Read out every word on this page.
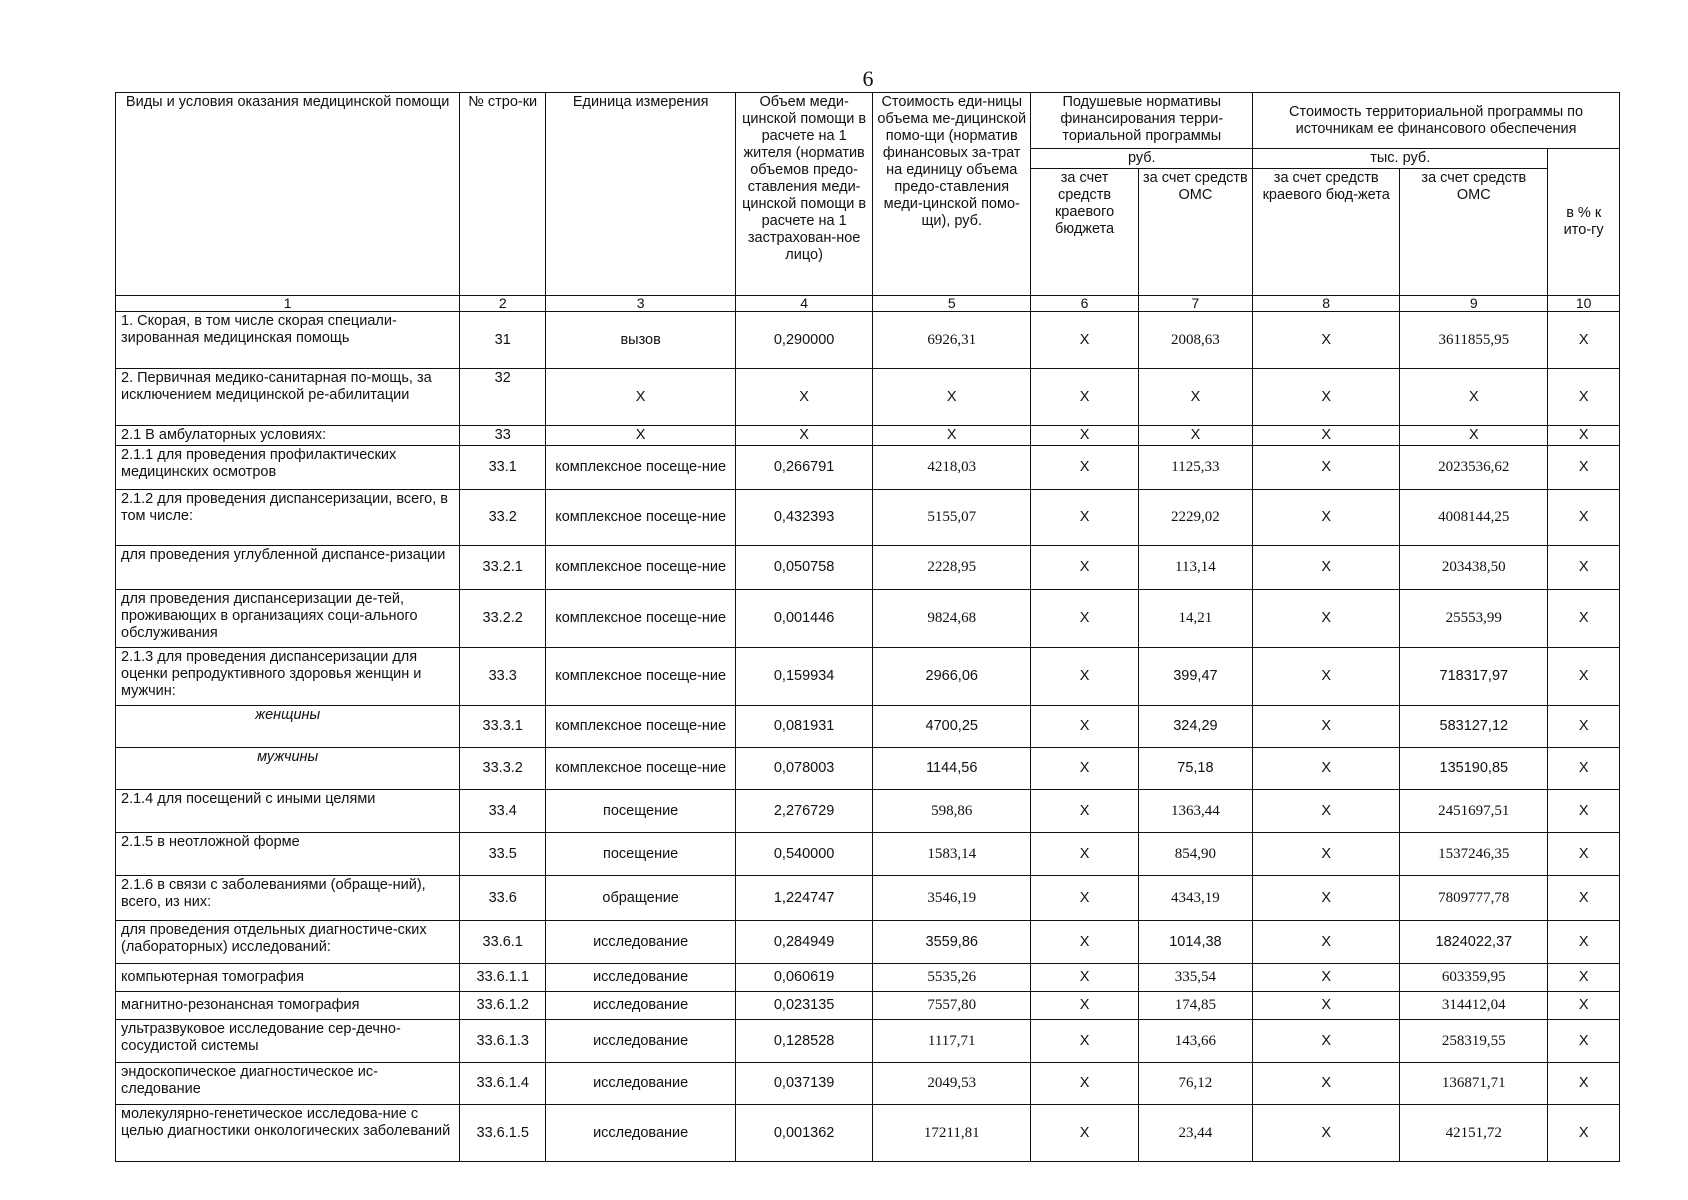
6
Виды и условия оказания медицинской помощи	№ стро-ки	Единица измерения	Объем меди-цинской помощи в расчете на 1 жителя (норматив объемов предо-ставления меди-цинской помощи в расчете на 1 застрахован-ное лицо)	Стоимость еди-ницы объема ме-дицинской помо-щи (норматив финансовых за-трат на единицу объема предо-ставления меди-цинской помо-щи), руб.	Подушевые нормативы финансирования терри-ториальной программы		Стоимость территориальной программы по источникам ее финансового обеспечения		
					руб.		тыс. руб.		в % к ито-гу
					за счет средств краевого бюджета	за счет средств ОМС	за счет средств краевого бюд-жета	за счет средств ОМС	
1	2	3	4	5	6	7	8	9	10
1. Скорая, в том числе скорая специали-зированная медицинская помощь	31	вызов	0,290000	6926,31	X	2008,63	X	3611855,95	X
2. Первичная медико-санитарная по-мощь, за исключением медицинской ре-абилитации	32	X	X	X	X	X	X	X	X
2.1 В амбулаторных условиях:	33	X	X	X	X	X	X	X	X
2.1.1 для проведения профилактических медицинских осмотров	33.1	комплексное посеще-ние	0,266791	4218,03	X	1125,33	X	2023536,62	X
2.1.2 для проведения диспансеризации, всего, в том числе:	33.2	комплексное посеще-ние	0,432393	5155,07	X	2229,02	X	4008144,25	X
для проведения углубленной диспансе-ризации	33.2.1	комплексное посеще-ние	0,050758	2228,95	X	113,14	X	203438,50	X
для проведения диспансеризации де-тей, проживающих в организациях соци-ального обслуживания	33.2.2	комплексное посеще-ние	0,001446	9824,68	X	14,21	X	25553,99	X
2.1.3 для проведения диспансеризации для оценки репродуктивного здоровья женщин и мужчин:	33.3	комплексное посеще-ние	0,159934	2966,06	X	399,47	X	718317,97	X
женщины	33.3.1	комплексное посеще-ние	0,081931	4700,25	X	324,29	X	583127,12	X
мужчины	33.3.2	комплексное посеще-ние	0,078003	1144,56	X	75,18	X	135190,85	X
2.1.4 для посещений с иными целями	33.4	посещение	2,276729	598,86	X	1363,44	X	2451697,51	X
2.1.5 в неотложной форме	33.5	посещение	0,540000	1583,14	X	854,90	X	1537246,35	X
2.1.6 в связи с заболеваниями (обраще-ний), всего, из них:	33.6	обращение	1,224747	3546,19	X	4343,19	X	7809777,78	X
для проведения отдельных диагностиче-ских (лабораторных) исследований:	33.6.1	исследование	0,284949	3559,86	X	1014,38	X	1824022,37	X
компьютерная томография	33.6.1.1	исследование	0,060619	5535,26	X	335,54	X	603359,95	X
магнитно-резонансная томография	33.6.1.2	исследование	0,023135	7557,80	X	174,85	X	314412,04	X
ультразвуковое исследование сер-дечно-сосудистой системы	33.6.1.3	исследование	0,128528	1117,71	X	143,66	X	258319,55	X
эндоскопическое диагностическое ис-следование	33.6.1.4	исследование	0,037139	2049,53	X	76,12	X	136871,71	X
молекулярно-генетическое исследова-ние с целью диагностики онкологических заболеваний	33.6.1.5	исследование	0,001362	17211,81	X	23,44	X	42151,72	X
